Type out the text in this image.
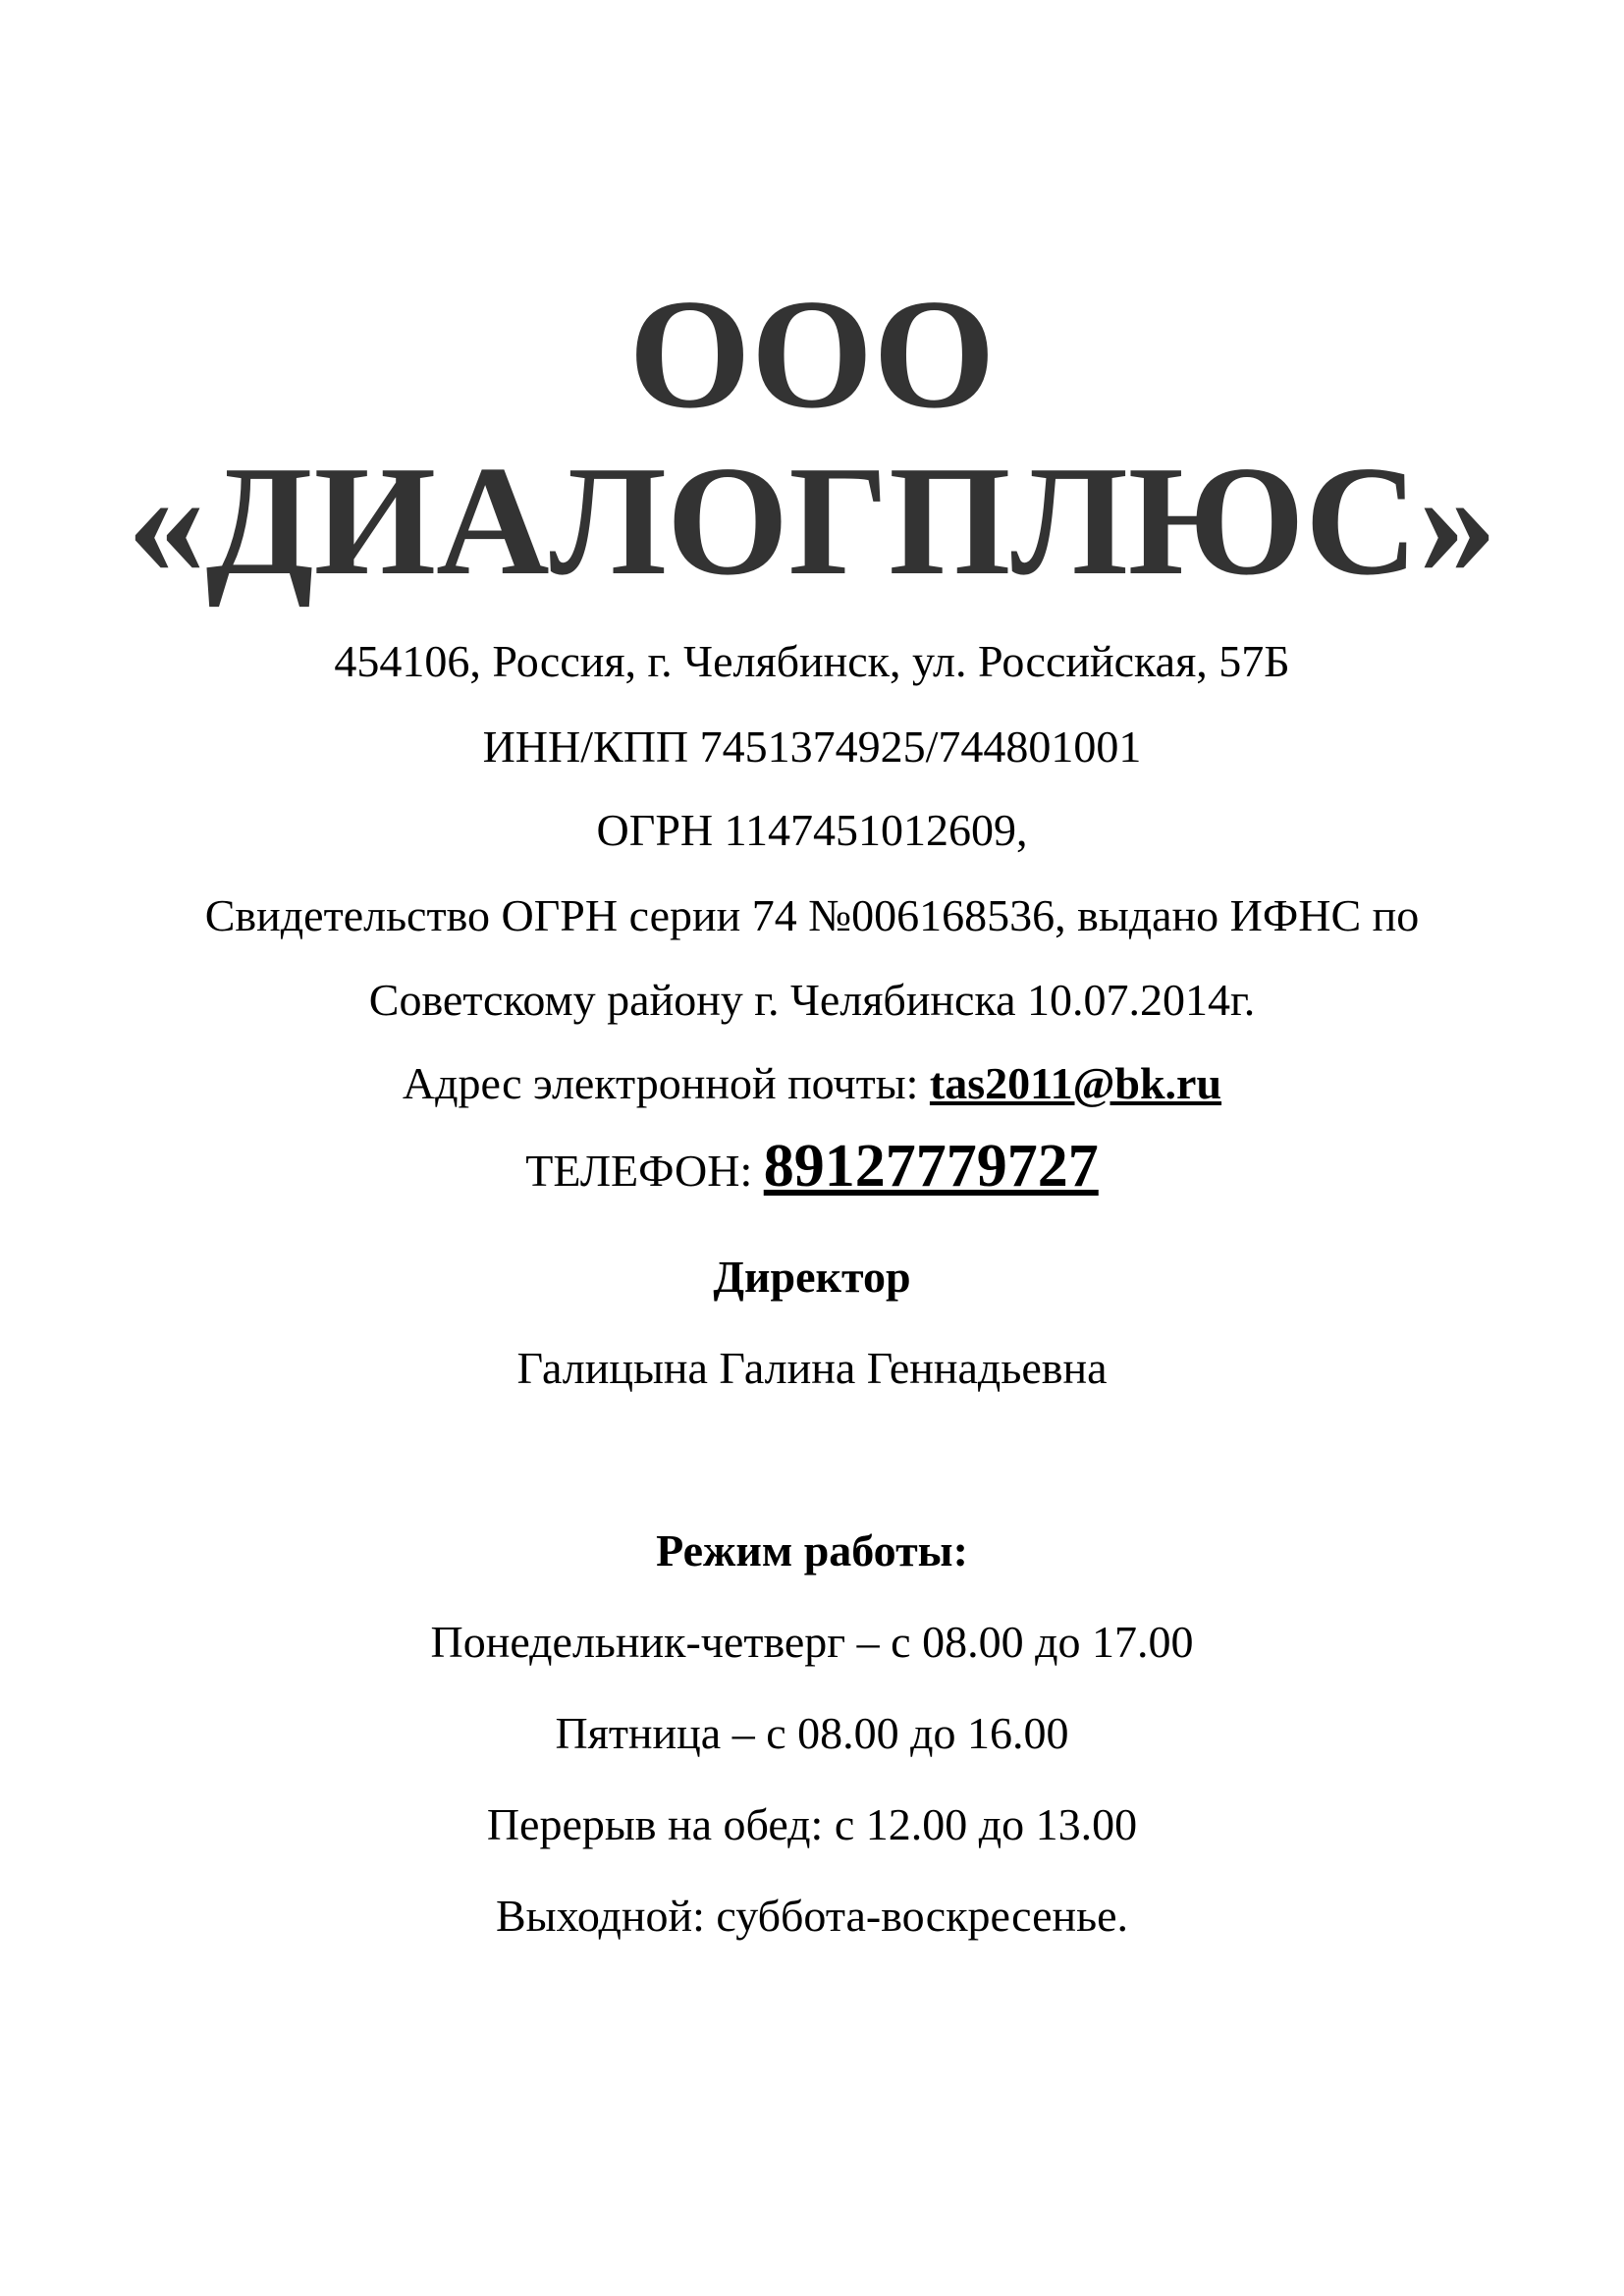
ООО
«ДИАЛОГПЛЮС»
454106, Россия, г. Челябинск, ул. Российская, 57Б
ИНН/КПП 7451374925/744801001
ОГРН 1147451012609,
Свидетельство ОГРН серии 74 №006168536, выдано ИФНС по
Советскому району г. Челябинска 10.07.2014г.
Адрес электронной почты: tas2011@bk.ru
ТЕЛЕФОН: 89127779727
Директор
Галицына Галина Геннадьевна
Режим работы:
Понедельник-четверг – с 08.00 до 17.00
Пятница – с 08.00 до 16.00
Перерыв на обед: с 12.00 до 13.00
Выходной: суббота-воскресенье.
